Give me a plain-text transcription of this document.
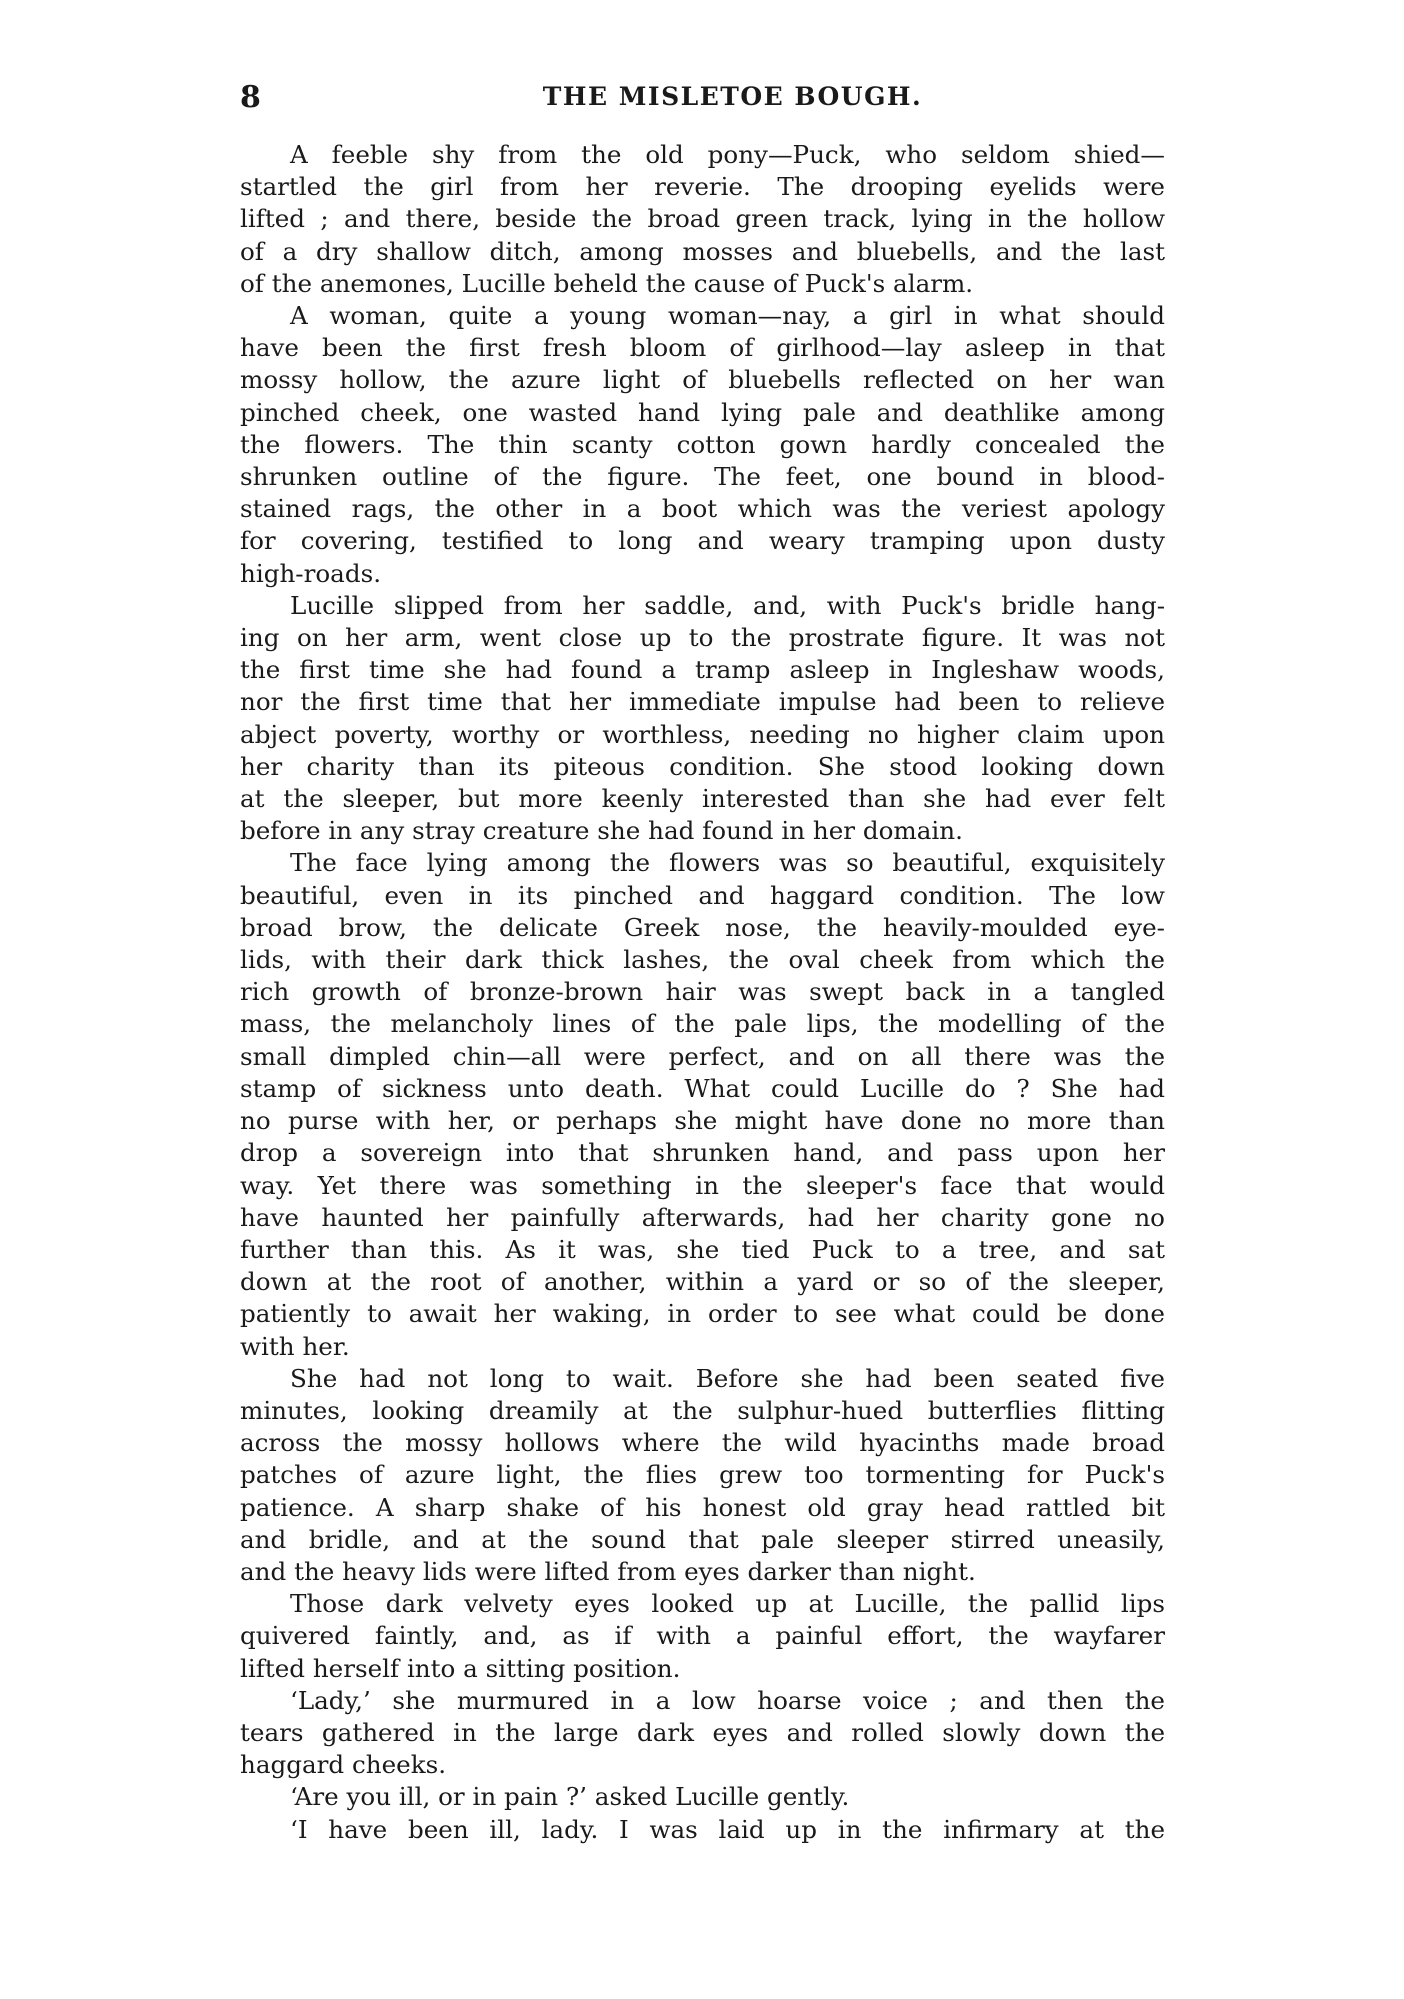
8	THE MISLETOE BOUGH.
A feeble shy from the old pony—Puck, who seldom shied—
startled the girl from her reverie. The drooping eyelids were
lifted ; and there, beside the broad green track, lying in the hollow
of a dry shallow ditch, among mosses and bluebells, and the last
of the anemones, Lucille beheld the cause of Puck's alarm.
A woman, quite a young woman—nay, a girl in what should
have been the first fresh bloom of girlhood—lay asleep in that
mossy hollow, the azure light of bluebells reflected on her wan
pinched cheek, one wasted hand lying pale and deathlike among
the flowers. The thin scanty cotton gown hardly concealed the
shrunken outline of the figure. The feet, one bound in blood-
stained rags, the other in a boot which was the veriest apology
for covering, testified to long and weary tramping upon dusty
high-roads.
Lucille slipped from her saddle, and, with Puck's bridle hang-
ing on her arm, went close up to the prostrate figure. It was not
the first time she had found a tramp asleep in Ingleshaw woods,
nor the first time that her immediate impulse had been to relieve
abject poverty, worthy or worthless, needing no higher claim upon
her charity than its piteous condition. She stood looking down
at the sleeper, but more keenly interested than she had ever felt
before in any stray creature she had found in her domain.
The face lying among the flowers was so beautiful, exquisitely
beautiful, even in its pinched and haggard condition. The low
broad brow, the delicate Greek nose, the heavily-moulded eye-
lids, with their dark thick lashes, the oval cheek from which the
rich growth of bronze-brown hair was swept back in a tangled
mass, the melancholy lines of the pale lips, the modelling of the
small dimpled chin—all were perfect, and on all there was the
stamp of sickness unto death. What could Lucille do ? She had
no purse with her, or perhaps she might have done no more than
drop a sovereign into that shrunken hand, and pass upon her
way. Yet there was something in the sleeper's face that would
have haunted her painfully afterwards, had her charity gone no
further than this. As it was, she tied Puck to a tree, and sat
down at the root of another, within a yard or so of the sleeper,
patiently to await her waking, in order to see what could be done
with her.
She had not long to wait. Before she had been seated five
minutes, looking dreamily at the sulphur-hued butterflies flitting
across the mossy hollows where the wild hyacinths made broad
patches of azure light, the flies grew too tormenting for Puck's
patience. A sharp shake of his honest old gray head rattled bit
and bridle, and at the sound that pale sleeper stirred uneasily,
and the heavy lids were lifted from eyes darker than night.
Those dark velvety eyes looked up at Lucille, the pallid lips
quivered faintly, and, as if with a painful effort, the wayfarer
lifted herself into a sitting position.
‘Lady,’ she murmured in a low hoarse voice ; and then the
tears gathered in the large dark eyes and rolled slowly down the
haggard cheeks.
‘Are you ill, or in pain ?’ asked Lucille gently.
‘I have been ill, lady. I was laid up in the infirmary at the
